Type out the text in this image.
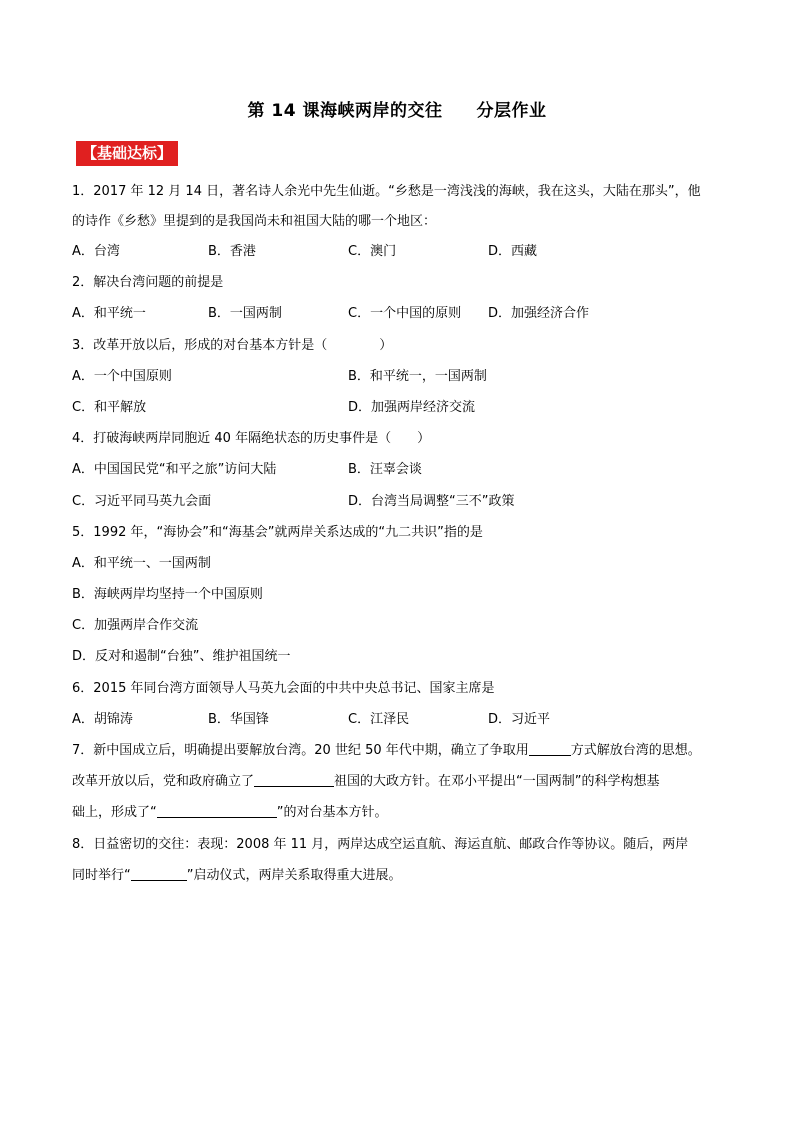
第 14 课海峡两岸的交往 分层作业
【基础达标】
1．2017 年 12 月 14 日，著名诗人余光中先生仙逝。“乡愁是一湾浅浅的海峡，我在这头，大陆在那头”，他
的诗作《乡愁》里提到的是我国尚未和祖国大陆的哪一个地区：
A．台湾	B．香港	C．澳门	D．西藏
2．解决台湾问题的前提是
A．和平统一	B．一国两制	C．一个中国的原则 D．加强经济合作
3．改革开放以后，形成的对台基本方针是（　　　　）
A．一个中国原则	B．和平统一，一国两制
C．和平解放	D．加强两岸经济交流
4．打破海峡两岸同胞近 40 年隔绝状态的历史事件是（　　）
A．中国国民党“和平之旅”访问大陆	B．汪辜会谈
C．习近平同马英九会面	D．台湾当局调整“三不”政策
5．1992 年，“海协会”和“海基会”就两岸关系达成的“九二共识”指的是
A．和平统一、一国两制
B．海峡两岸均坚持一个中国原则
C．加强两岸合作交流
D．反对和遏制“台独”、维护祖国统一
6．2015 年同台湾方面领导人马英九会面的中共中央总书记、国家主席是
A．胡锦涛	B．华国锋	C．江泽民	D．习近平
7．新中国成立后，明确提出要解放台湾。20 世纪 50 年代中期，确立了争取用	方式解放台湾的思想。
改革开放以后，党和政府确立了	祖国的大政方针。在邓小平提出“一国两制”的科学构想基
础上，形成了“	”的对台基本方针。
8．日益密切的交往：表现：2008 年 11 月，两岸达成空运直航、海运直航、邮政合作等协议。随后，两岸
同时举行“	”启动仪式，两岸关系取得重大进展。
